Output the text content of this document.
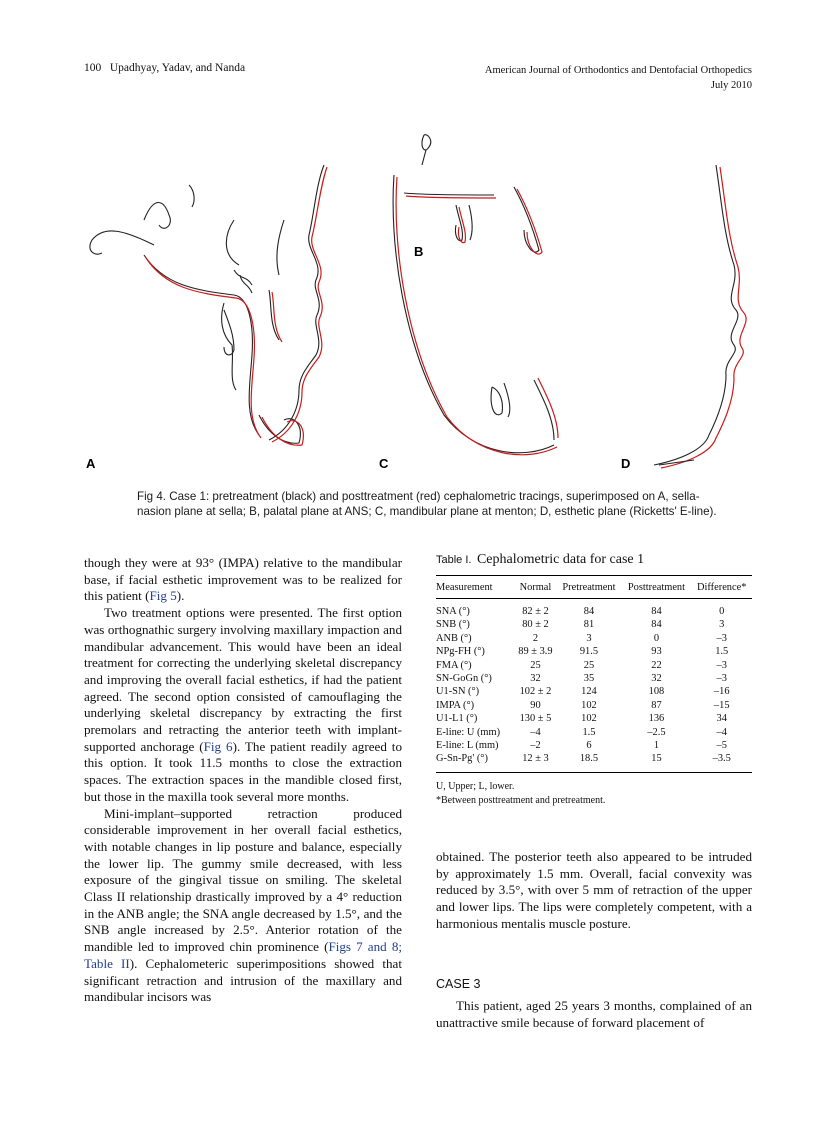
100 Upadhyay, Yadav, and Nanda	American Journal of Orthodontics and Dentofacial Orthopedics
July 2010
A
B
C	D
Fig 4. Case 1: pretreatment (black) and posttreatment (red) cephalometric tracings, superimposed on A, sella-nasion plane at sella; B, palatal plane at ANS; C, mandibular plane at menton; D, esthetic plane (Ricketts' E-line).

though they were at 93° (IMPA) relative to the mandibular base, if facial esthetic improvement was to be realized for this patient (Fig 5).

Two treatment options were presented. The first option was orthognathic surgery involving maxillary impaction and mandibular advancement. This would have been an ideal treatment for correcting the underlying skeletal discrepancy and improving the overall facial esthetics, if had the patient agreed. The second option consisted of camouflaging the underlying skeletal discrepancy by extracting the first premolars and retracting the anterior teeth with implant-supported anchorage (Fig 6). The patient readily agreed to this option. It took 11.5 months to close the extraction spaces. The extraction spaces in the mandible closed first, but those in the maxilla took several more months.

Mini-implant–supported retraction produced considerable improvement in her overall facial esthetics, with notable changes in lip posture and balance, especially the lower lip. The gummy smile decreased, with less exposure of the gingival tissue on smiling. The skeletal Class II relationship drastically improved by a 4° reduction in the ANB angle; the SNA angle decreased by 1.5°, and the SNB angle increased by 2.5°. Anterior rotation of the mandible led to improved chin prominence (Figs 7 and 8; Table II). Cephalometeric superimpositions showed that significant retraction and intrusion of the maxillary and mandibular incisors was

Table I. Cephalometric data for case 1
Measurement	Normal	Pretreatment	Posttreatment	Difference*
SNA (°)	82 ± 2	84	84	0
SNB (°)	80 ± 2	81	84	3
ANB (°)	2	3	0	–3
NPg-FH (°)	89 ± 3.9	91.5	93	1.5
FMA (°)	25	25	22	–3
SN-GoGn (°)	32	35	32	–3
U1-SN (°)	102 ± 2	124	108	–16
IMPA (°)	90	102	87	–15
U1-L1 (°)	130 ± 5	102	136	34
E-line: U (mm)	–4	1.5	–2.5	–4
E-line: L (mm)	–2	6	1	–5
G-Sn-Pg' (°)	12 ± 3	18.5	15	–3.5
U, Upper; L, lower.
*Between posttreatment and pretreatment.

obtained. The posterior teeth also appeared to be intruded by approximately 1.5 mm. Overall, facial convexity was reduced by 3.5°, with over 5 mm of retraction of the upper and lower lips. The lips were completely competent, with a harmonious mentalis muscle posture.

CASE 3

This patient, aged 25 years 3 months, complained of an unattractive smile because of forward placement of
